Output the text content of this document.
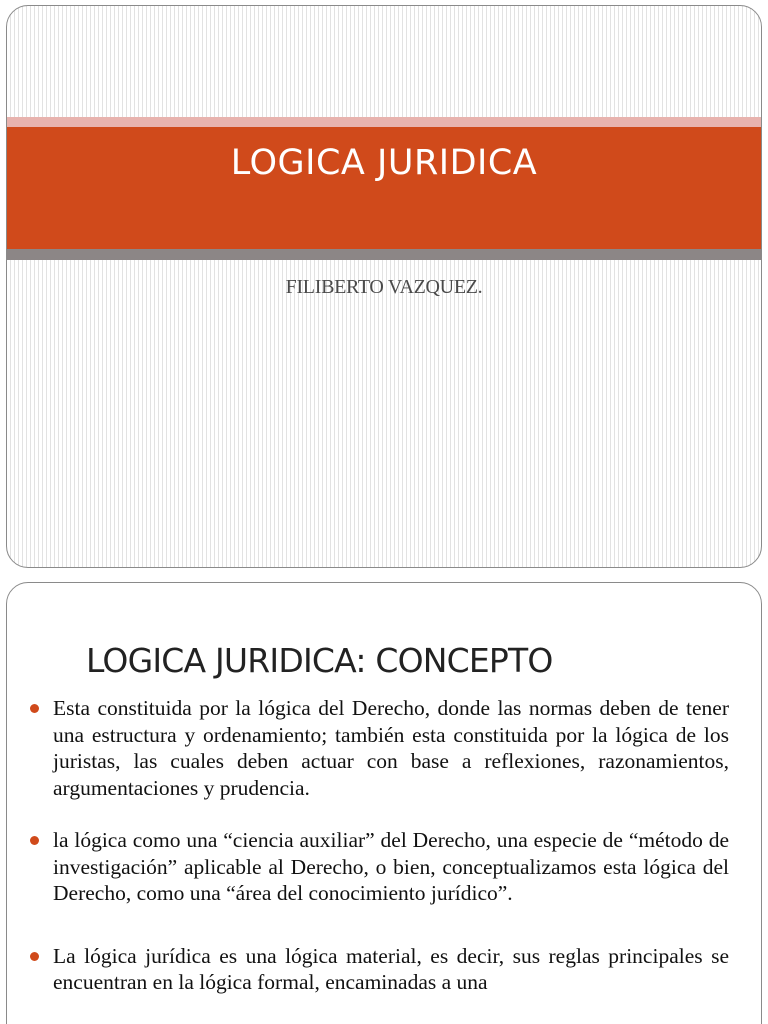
LOGICA JURIDICA
FILIBERTO VAZQUEZ.
LOGICA JURIDICA: CONCEPTO
Esta constituida por la lógica del Derecho, donde las normas deben de tener una estructura y ordenamiento; también esta constituida por la lógica de los juristas, las cuales deben actuar con base a reflexiones, razonamientos, argumentaciones y prudencia.
la lógica como una “ciencia auxiliar” del Derecho, una especie de “método de investigación” aplicable al Derecho, o bien, conceptualizamos esta lógica del Derecho, como una “área del conocimiento jurídico”.
La lógica jurídica es una lógica material, es decir, sus reglas principales se encuentran en la lógica formal, encaminadas a una
